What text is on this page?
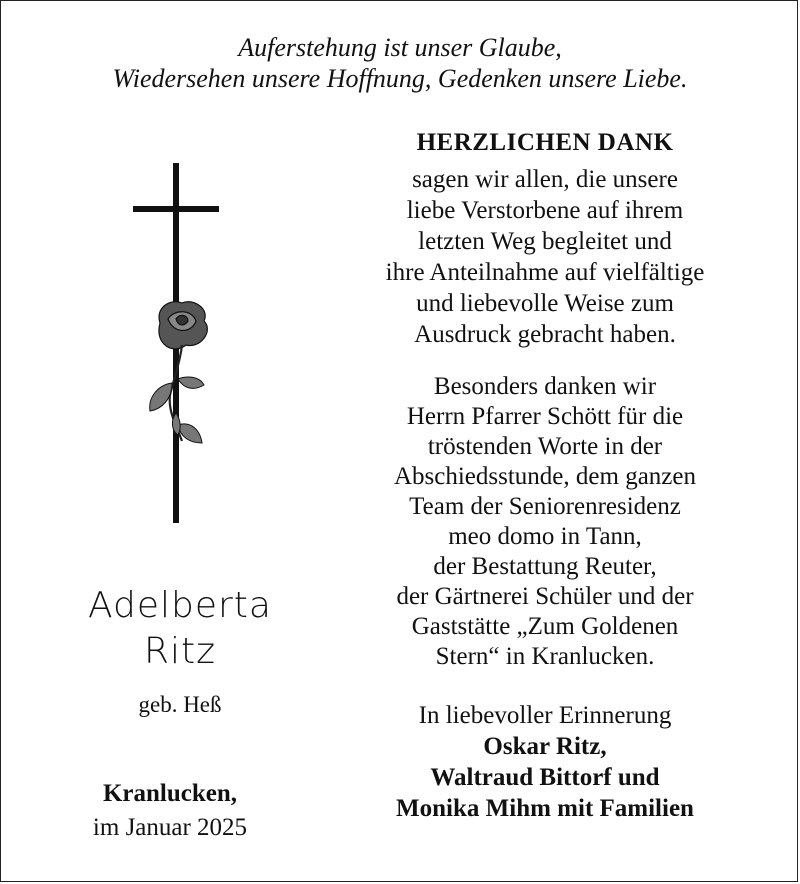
Auferstehung ist unser Glaube,
Wiedersehen unsere Hoffnung, Gedenken unsere Liebe.
Adelberta
Ritz
geb. Heß
Kranlucken,
im Januar 2025
HERZLICHEN DANK
sagen wir allen, die unsere
liebe Verstorbene auf ihrem
letzten Weg begleitet und
ihre Anteilnahme auf vielfältige
und liebevolle Weise zum
Ausdruck gebracht haben.
Besonders danken wir
Herrn Pfarrer Schött für die
tröstenden Worte in der
Abschiedsstunde, dem ganzen
Team der Seniorenresidenz
meo domo in Tann,
der Bestattung Reuter,
der Gärtnerei Schüler und der
Gaststätte „Zum Goldenen
Stern“ in Kranlucken.
In liebevoller Erinnerung
Oskar Ritz,
Waltraud Bittorf und
Monika Mihm mit Familien
